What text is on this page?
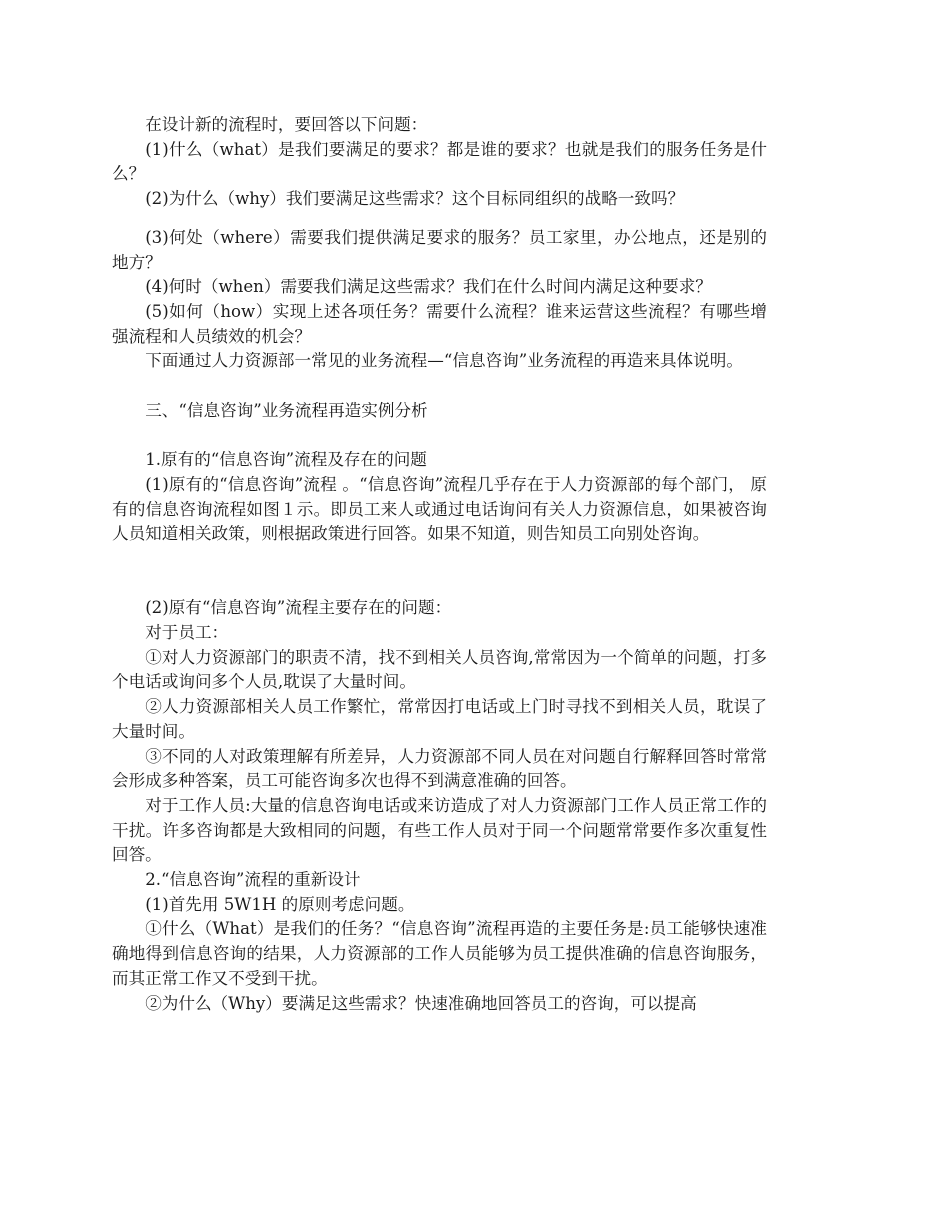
在设计新的流程时，要回答以下问题：

(1)什么（what）是我们要满足的要求？都是谁的要求？也就是我们的服务任务是什么？

(2)为什么（why）我们要满足这些需求？这个目标同组织的战略一致吗？

(3)何处（where）需要我们提供满足要求的服务？员工家里，办公地点，还是别的地方？

(4)何时（when）需要我们满足这些需求？我们在什么时间内满足这种要求？

(5)如何（how）实现上述各项任务？需要什么流程？谁来运营这些流程？有哪些增强流程和人员绩效的机会？

下面通过人力资源部一常见的业务流程—“信息咨询”业务流程的再造来具体说明。

三、“信息咨询”业务流程再造实例分析

1.原有的“信息咨询”流程及存在的问题

(1)原有的“信息咨询”流程 。“信息咨询”流程几乎存在于人力资源部的每个部门， 原有的信息咨询流程如图１示。即员工来人或通过电话询问有关人力资源信息，如果被咨询人员知道相关政策，则根据政策进行回答。如果不知道，则告知员工向别处咨询。

(2)原有“信息咨询”流程主要存在的问题：

对于员工：

①对人力资源部门的职责不清，找不到相关人员咨询,常常因为一个简单的问题，打多个电话或询问多个人员,耽误了大量时间。

②人力资源部相关人员工作繁忙，常常因打电话或上门时寻找不到相关人员，耽误了大量时间。

③不同的人对政策理解有所差异，人力资源部不同人员在对问题自行解释回答时常常会形成多种答案，员工可能咨询多次也得不到满意准确的回答。

对于工作人员:大量的信息咨询电话或来访造成了对人力资源部门工作人员正常工作的干扰。许多咨询都是大致相同的问题，有些工作人员对于同一个问题常常要作多次重复性回答。

2.“信息咨询”流程的重新设计

(1)首先用 5W1H 的原则考虑问题。

①什么（What）是我们的任务？“信息咨询”流程再造的主要任务是:员工能够快速准确地得到信息咨询的结果，人力资源部的工作人员能够为员工提供准确的信息咨询服务，而其正常工作又不受到干扰。

②为什么（Why）要满足这些需求？快速准确地回答员工的咨询，可以提高
